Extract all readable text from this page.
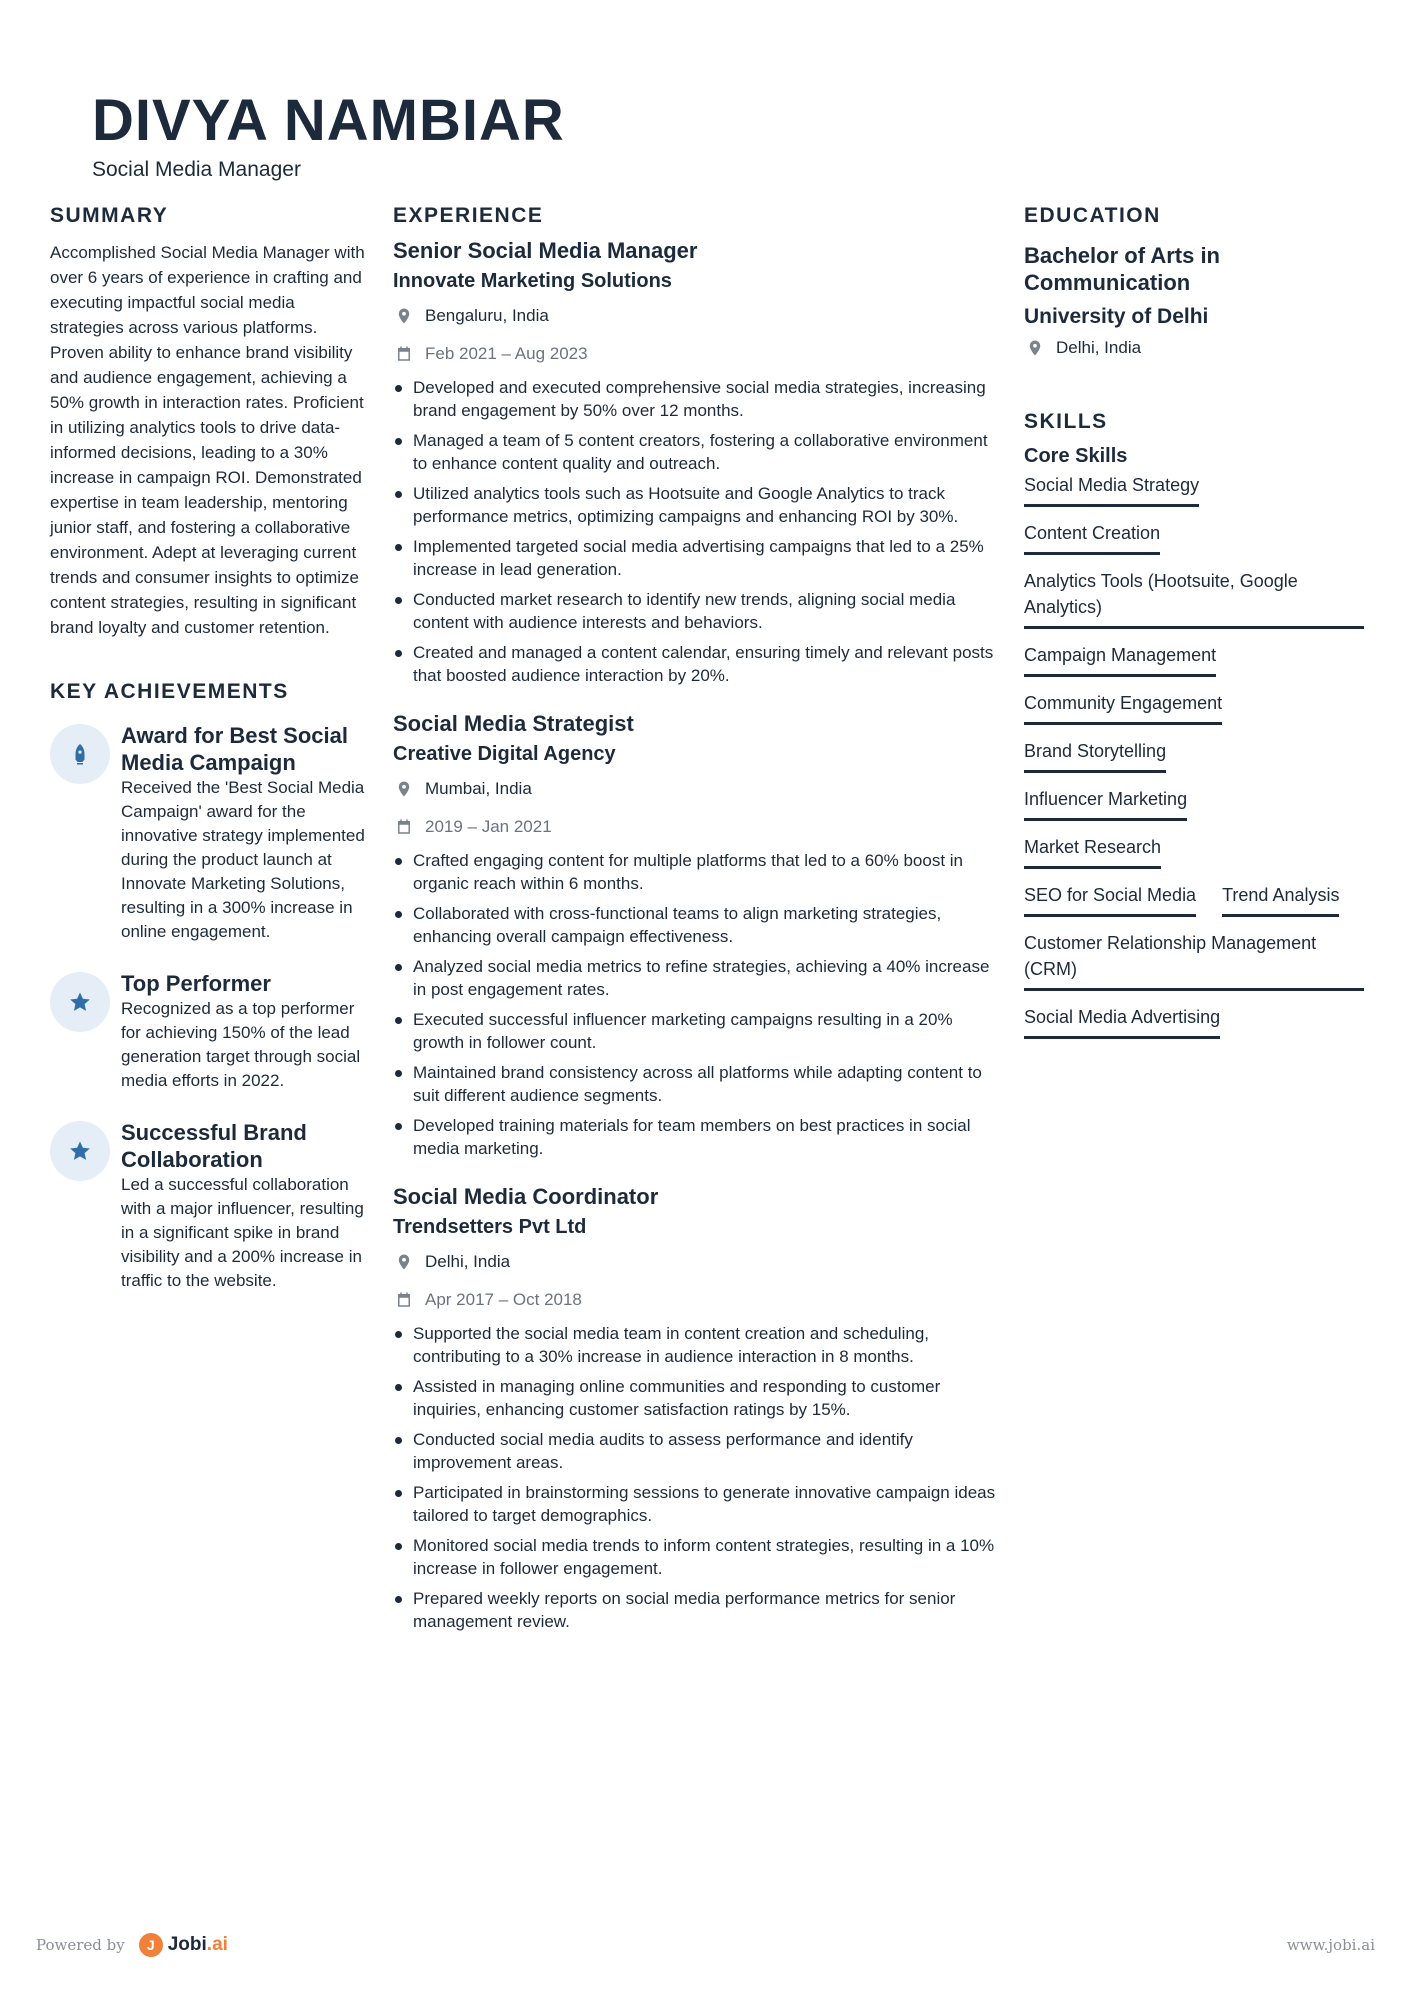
DIVYA NAMBIAR
Social Media Manager
SUMMARY
Accomplished Social Media Manager with over 6 years of experience in crafting and executing impactful social media strategies across various platforms. Proven ability to enhance brand visibility and audience engagement, achieving a 50% growth in interaction rates. Proficient in utilizing analytics tools to drive data-informed decisions, leading to a 30% increase in campaign ROI. Demonstrated expertise in team leadership, mentoring junior staff, and fostering a collaborative environment. Adept at leveraging current trends and consumer insights to optimize content strategies, resulting in significant brand loyalty and customer retention.
KEY ACHIEVEMENTS
Award for Best Social Media Campaign
Received the 'Best Social Media Campaign' award for the innovative strategy implemented during the product launch at Innovate Marketing Solutions, resulting in a 300% increase in online engagement.
Top Performer
Recognized as a top performer for achieving 150% of the lead generation target through social media efforts in 2022.
Successful Brand Collaboration
Led a successful collaboration with a major influencer, resulting in a significant spike in brand visibility and a 200% increase in traffic to the website.
EXPERIENCE
Senior Social Media Manager
Innovate Marketing Solutions
Bengaluru, India
Feb 2021 – Aug 2023
Developed and executed comprehensive social media strategies, increasing brand engagement by 50% over 12 months.
Managed a team of 5 content creators, fostering a collaborative environment to enhance content quality and outreach.
Utilized analytics tools such as Hootsuite and Google Analytics to track performance metrics, optimizing campaigns and enhancing ROI by 30%.
Implemented targeted social media advertising campaigns that led to a 25% increase in lead generation.
Conducted market research to identify new trends, aligning social media content with audience interests and behaviors.
Created and managed a content calendar, ensuring timely and relevant posts that boosted audience interaction by 20%.
Social Media Strategist
Creative Digital Agency
Mumbai, India
2019 – Jan 2021
Crafted engaging content for multiple platforms that led to a 60% boost in organic reach within 6 months.
Collaborated with cross-functional teams to align marketing strategies, enhancing overall campaign effectiveness.
Analyzed social media metrics to refine strategies, achieving a 40% increase in post engagement rates.
Executed successful influencer marketing campaigns resulting in a 20% growth in follower count.
Maintained brand consistency across all platforms while adapting content to suit different audience segments.
Developed training materials for team members on best practices in social media marketing.
Social Media Coordinator
Trendsetters Pvt Ltd
Delhi, India
Apr 2017 – Oct 2018
Supported the social media team in content creation and scheduling, contributing to a 30% increase in audience interaction in 8 months.
Assisted in managing online communities and responding to customer inquiries, enhancing customer satisfaction ratings by 15%.
Conducted social media audits to assess performance and identify improvement areas.
Participated in brainstorming sessions to generate innovative campaign ideas tailored to target demographics.
Monitored social media trends to inform content strategies, resulting in a 10% increase in follower engagement.
Prepared weekly reports on social media performance metrics for senior management review.
EDUCATION
Bachelor of Arts in Communication
University of Delhi
Delhi, India
SKILLS
Core Skills
Social Media Strategy
Content Creation
Analytics Tools (Hootsuite, Google Analytics)
Campaign Management
Community Engagement
Brand Storytelling
Influencer Marketing
Market Research
SEO for Social Media Trend Analysis
Customer Relationship Management (CRM)
Social Media Advertising
Powered by	J Jobi.ai	www.jobi.ai
